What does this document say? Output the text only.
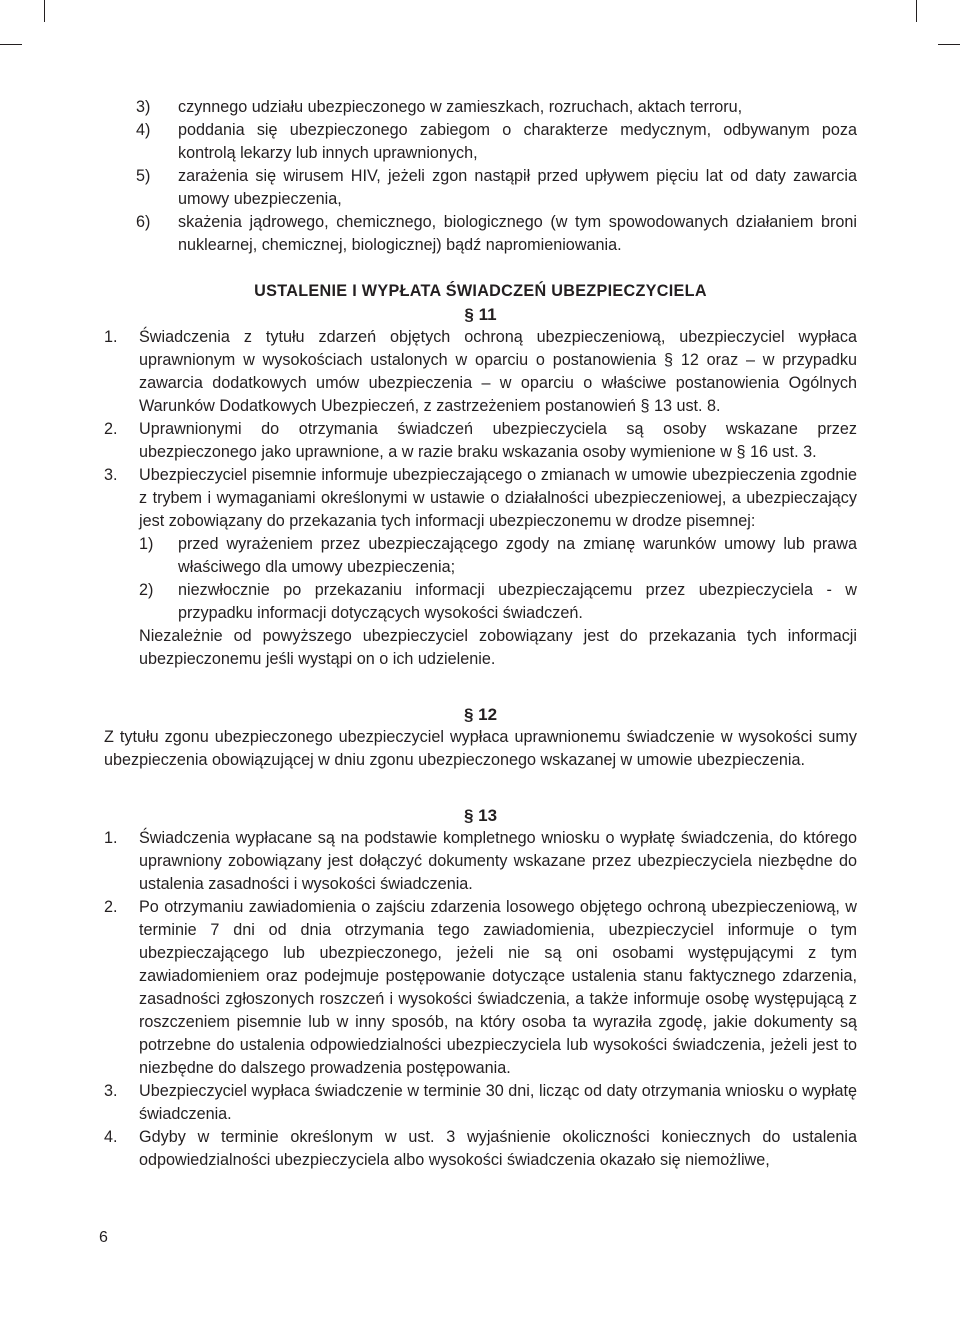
3) czynnego udziału ubezpieczonego w zamieszkach, rozruchach, aktach terroru,
4) poddania się ubezpieczonego zabiegom o charakterze medycznym, odbywanym poza kontrolą lekarzy lub innych uprawnionych,
5) zarażenia się wirusem HIV, jeżeli zgon nastąpił przed upływem pięciu lat od daty zawarcia umowy ubezpieczenia,
6) skażenia jądrowego, chemicznego, biologicznego (w tym spowodowanych działaniem broni nuklearnej, chemicznej, biologicznej) bądź napromieniowania.
USTALENIE I WYPŁATA ŚWIADCZEŃ UBEZPIECZYCIELA
§ 11
1. Świadczenia z tytułu zdarzeń objętych ochroną ubezpieczeniową, ubezpieczyciel wypłaca uprawnionym w wysokościach ustalonych w oparciu o postanowienia § 12 oraz – w przypadku zawarcia dodatkowych umów ubezpieczenia – w oparciu o właściwe postanowienia Ogólnych Warunków Dodatkowych Ubezpieczeń, z zastrzeżeniem postanowień § 13 ust. 8.
2. Uprawnionymi do otrzymania świadczeń ubezpieczyciela są osoby wskazane przez ubezpieczonego jako uprawnione, a w razie braku wskazania osoby wymienione w § 16 ust. 3.
3. Ubezpieczyciel pisemnie informuje ubezpieczającego o zmianach w umowie ubezpieczenia zgodnie z trybem i wymaganiami określonymi w ustawie o działalności ubezpieczeniowej, a ubezpieczający jest zobowiązany do przekazania tych informacji ubezpieczonemu w drodze pisemnej:
1) przed wyrażeniem przez ubezpieczającego zgody na zmianę warunków umowy lub prawa właściwego dla umowy ubezpieczenia;
2) niezwłocznie po przekazaniu informacji ubezpieczającemu przez ubezpieczyciela - w przypadku informacji dotyczących wysokości świadczeń.
Niezależnie od powyższego ubezpieczyciel zobowiązany jest do przekazania tych informacji ubezpieczonemu jeśli wystąpi on o ich udzielenie.
§ 12
Z tytułu zgonu ubezpieczonego ubezpieczyciel wypłaca uprawnionemu świadczenie w wysokości sumy ubezpieczenia obowiązującej w dniu zgonu ubezpieczonego wskazanej w umowie ubezpieczenia.
§ 13
1. Świadczenia wypłacane są na podstawie kompletnego wniosku o wypłatę świadczenia, do którego uprawniony zobowiązany jest dołączyć dokumenty wskazane przez ubezpieczyciela niezbędne do ustalenia zasadności i wysokości świadczenia.
2. Po otrzymaniu zawiadomienia o zajściu zdarzenia losowego objętego ochroną ubezpieczeniową, w terminie 7 dni od dnia otrzymania tego zawiadomienia, ubezpieczyciel informuje o tym ubezpieczającego lub ubezpieczonego, jeżeli nie są oni osobami występującymi z tym zawiadomieniem oraz podejmuje postępowanie dotyczące ustalenia stanu faktycznego zdarzenia, zasadności zgłoszonych roszczeń i wysokości świadczenia, a także informuje osobę występującą z roszczeniem pisemnie lub w inny sposób, na który osoba ta wyraziła zgodę, jakie dokumenty są potrzebne do ustalenia odpowiedzialności ubezpieczyciela lub wysokości świadczenia, jeżeli jest to niezbędne do dalszego prowadzenia postępowania.
3. Ubezpieczyciel wypłaca świadczenie w terminie 30 dni, licząc od daty otrzymania wniosku o wypłatę świadczenia.
4. Gdyby w terminie określonym w ust. 3 wyjaśnienie okoliczności koniecznych do ustalenia odpowiedzialności ubezpieczyciela albo wysokości świadczenia okazało się niemożliwe,
6
